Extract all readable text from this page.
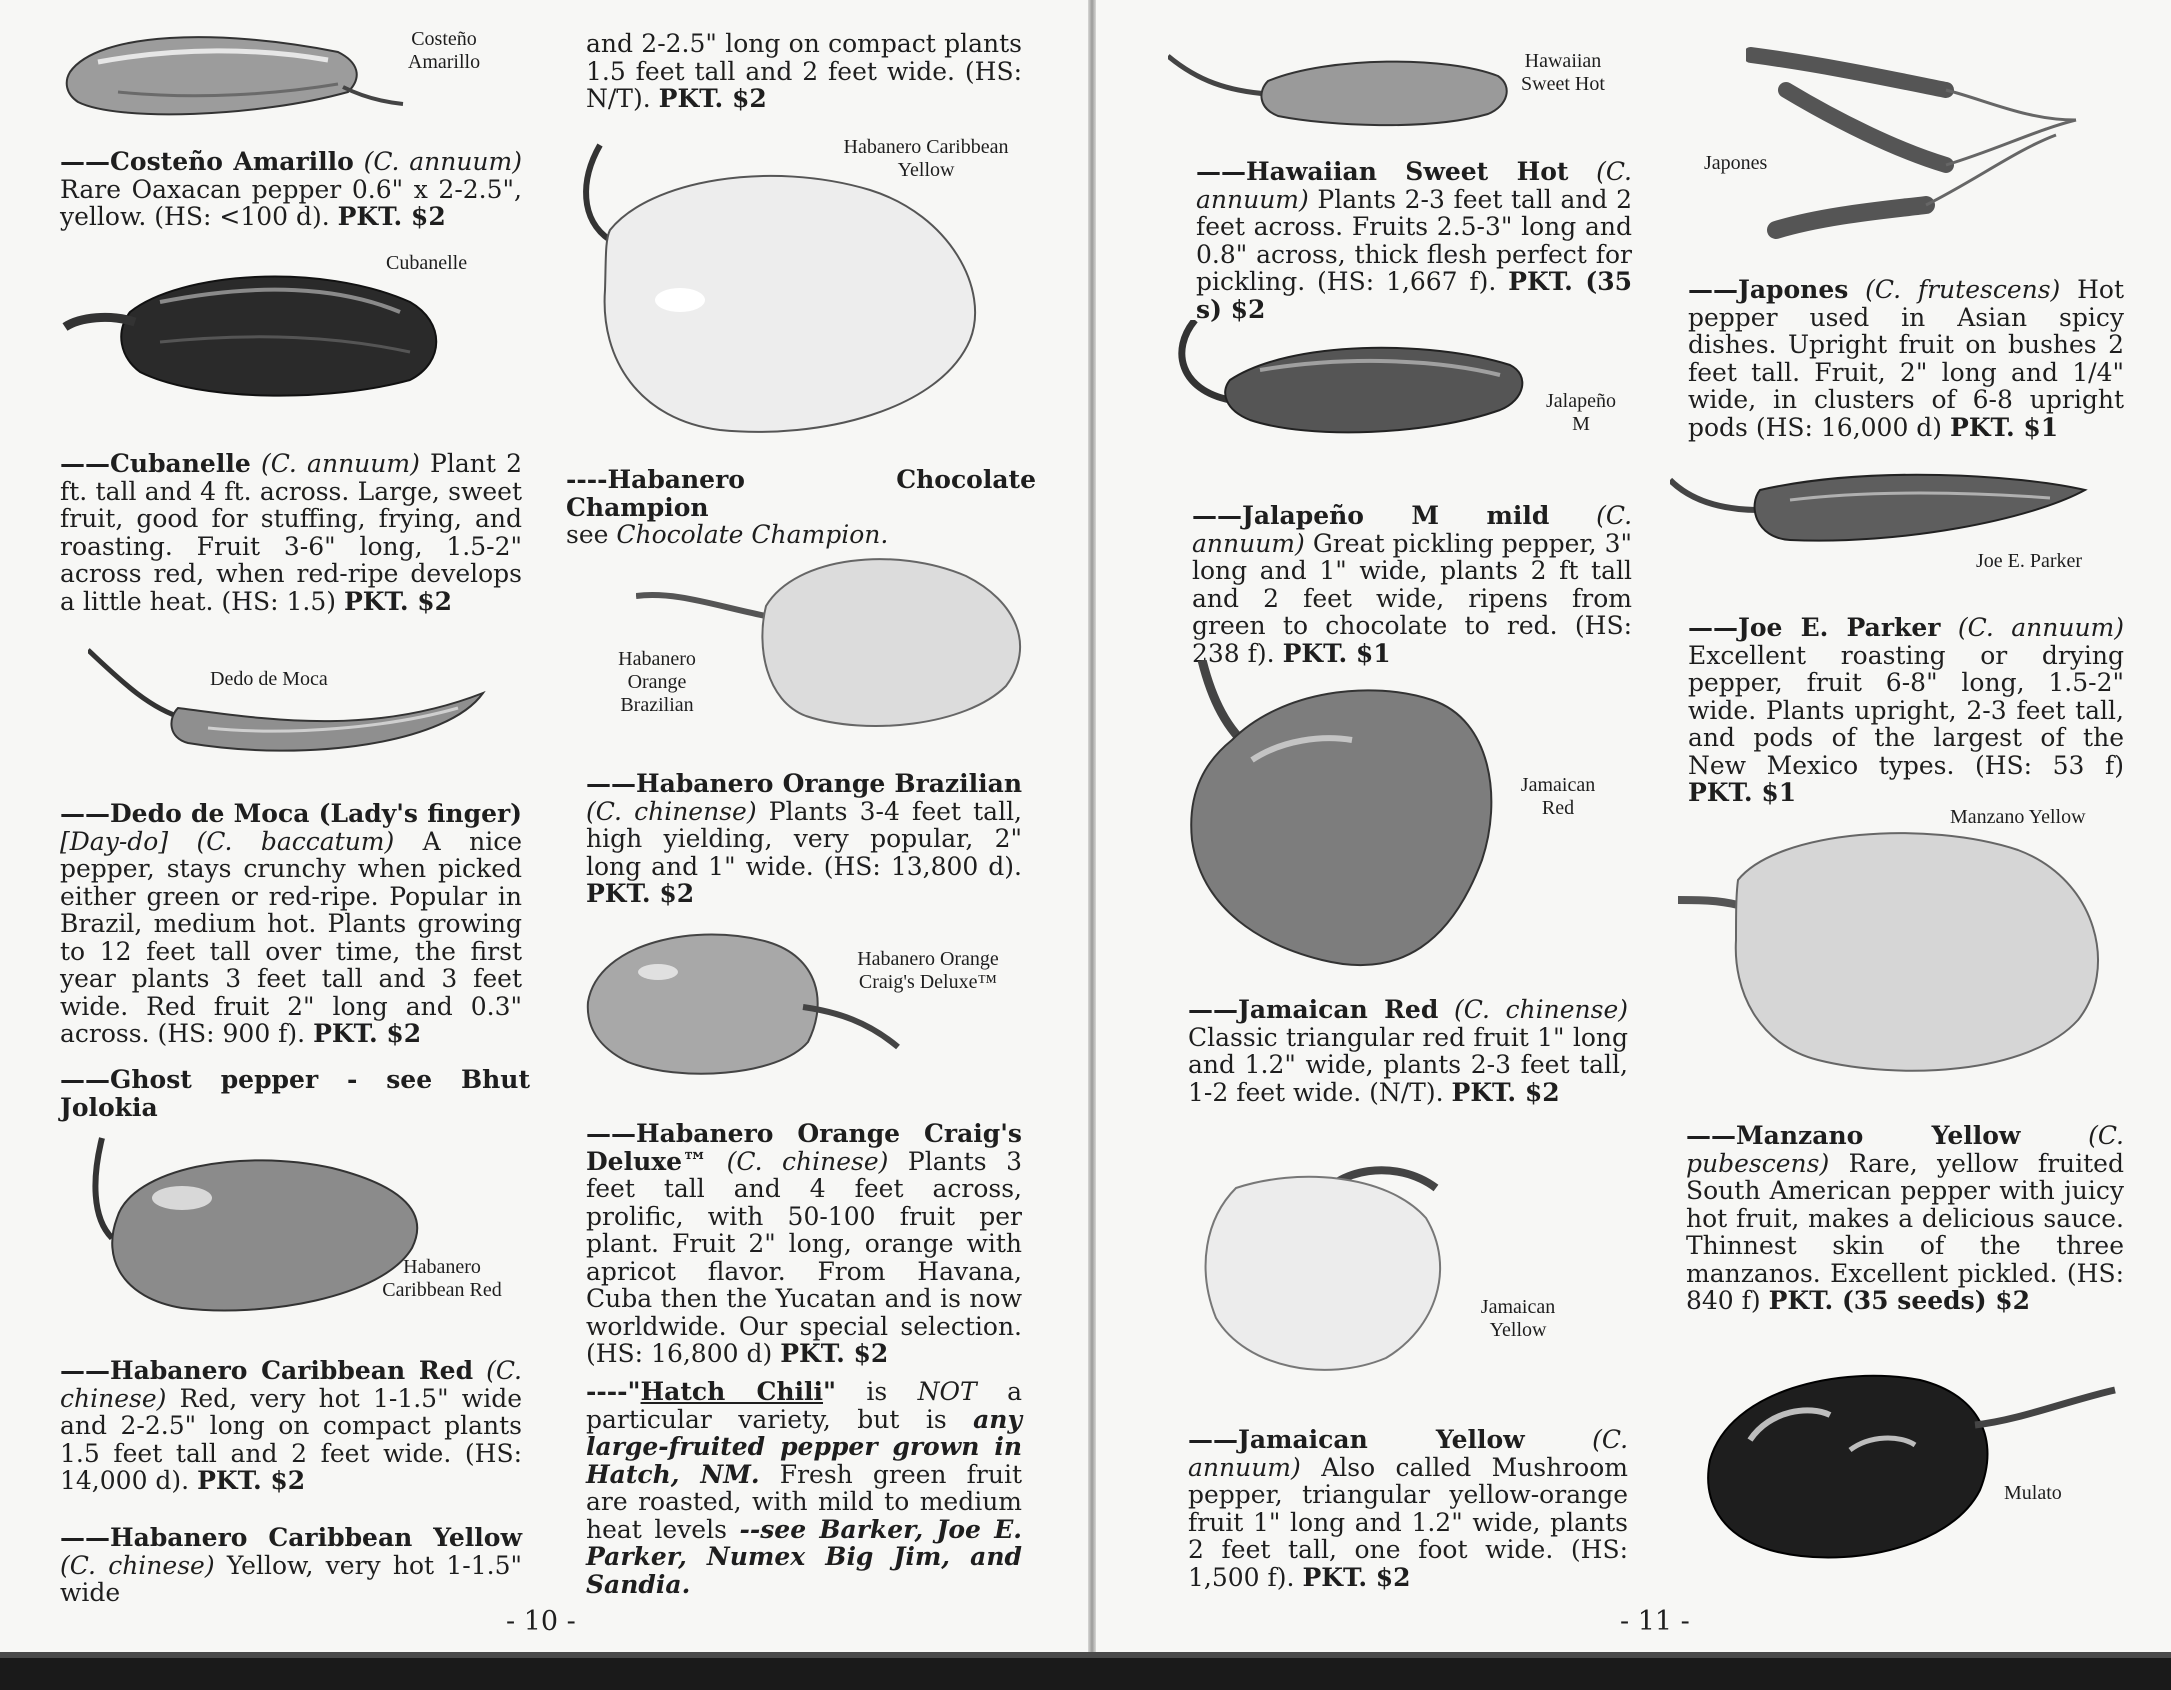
Costeño Amarillo
——Costeño Amarillo (C. annuum) Rare Oaxacan pepper 0.6" x 2-2.5", yellow. (HS: <100 d). PKT. $2
Cubanelle
——Cubanelle (C. annuum) Plant 2 ft. tall and 4 ft. across. Large, sweet fruit, good for stuffing, frying, and roasting. Fruit 3-6" long, 1.5-2" across red, when red-ripe develops a little heat. (HS: 1.5) PKT. $2
Dedo de Moca
——Dedo de Moca (Lady's finger) [Day-do] (C. baccatum) A nice pepper, stays crunchy when picked either green or red-ripe. Popular in Brazil, medium hot. Plants growing to 12 feet tall over time, the first year plants 3 feet tall and 3 feet wide. Red fruit 2" long and 0.3" across. (HS: 900 f). PKT. $2
——Ghost pepper - see Bhut Jolokia
Habanero Caribbean Red
——Habanero Caribbean Red (C. chinese) Red, very hot 1-1.5" wide and 2-2.5" long on compact plants 1.5 feet tall and 2 feet wide. (HS: 14,000 d). PKT. $2
——Habanero Caribbean Yellow (C. chinese) Yellow, very hot 1-1.5" wide
and 2-2.5" long on compact plants 1.5 feet tall and 2 feet wide. (HS: N/T). PKT. $2
Habanero Caribbean Yellow
----Habanero Chocolate Champion
see Chocolate Champion.
Habanero Orange Brazilian
——Habanero Orange Brazilian (C. chinense) Plants 3-4 feet tall, high yielding, very popular, 2" long and 1" wide. (HS: 13,800 d). PKT. $2
Habanero Orange Craig's Deluxe™
——Habanero Orange Craig's Deluxe™ (C. chinese) Plants 3 feet tall and 4 feet across, prolific, with 50-100 fruit per plant. Fruit 2" long, orange with apricot flavor. From Havana, Cuba then the Yucatan and is now worldwide. Our special selection. (HS: 16,800 d) PKT. $2
----"Hatch Chili" is NOT a particular variety, but is any large-fruited pepper grown in Hatch, NM. Fresh green fruit are roasted, with mild to medium heat levels --see Barker, Joe E. Parker, Numex Big Jim, and Sandia.
- 10 -
Hawaiian Sweet Hot
——Hawaiian Sweet Hot (C. annuum) Plants 2-3 feet tall and 2 feet across. Fruits 2.5-3" long and 0.8" across, thick flesh perfect for pickling. (HS: 1,667 f). PKT. (35 s) $2
Jalapeño M
——Jalapeño M mild (C. annuum) Great pickling pepper, 3" long and 1" wide, plants 2 ft tall and 2 feet wide, ripens from green to chocolate to red. (HS: 238 f). PKT. $1
Jamaican Red
——Jamaican Red (C. chinense) Classic triangular red fruit 1" long and 1.2" wide, plants 2-3 feet tall, 1-2 feet wide. (N/T). PKT. $2
Jamaican Yellow
——Jamaican Yellow	(C. annuum) Also called Mushroom pepper, triangular yellow-orange fruit 1" long and 1.2" wide, plants 2 feet tall, one foot wide. (HS: 1,500 f). PKT. $2
Japones
——Japones (C. frutescens) Hot pepper used in Asian spicy dishes. Upright fruit on bushes 2 feet tall. Fruit, 2" long and 1/4" wide, in clusters of 6-8 upright pods (HS: 16,000 d) PKT. $1
Joe E. Parker
——Joe E. Parker (C. annuum) Excellent roasting or drying pepper, fruit 6-8" long, 1.5-2" wide. Plants upright, 2-3 feet tall, and pods of the largest of the New Mexico types. (HS: 53 f) PKT. $1
Manzano Yellow
——Manzano Yellow	(C. pubescens) Rare, yellow fruited South American pepper with juicy hot fruit, makes a delicious sauce. Thinnest skin of the three manzanos. Excellent pickled. (HS: 840 f) PKT. (35 seeds) $2
Mulato
- 11 -
